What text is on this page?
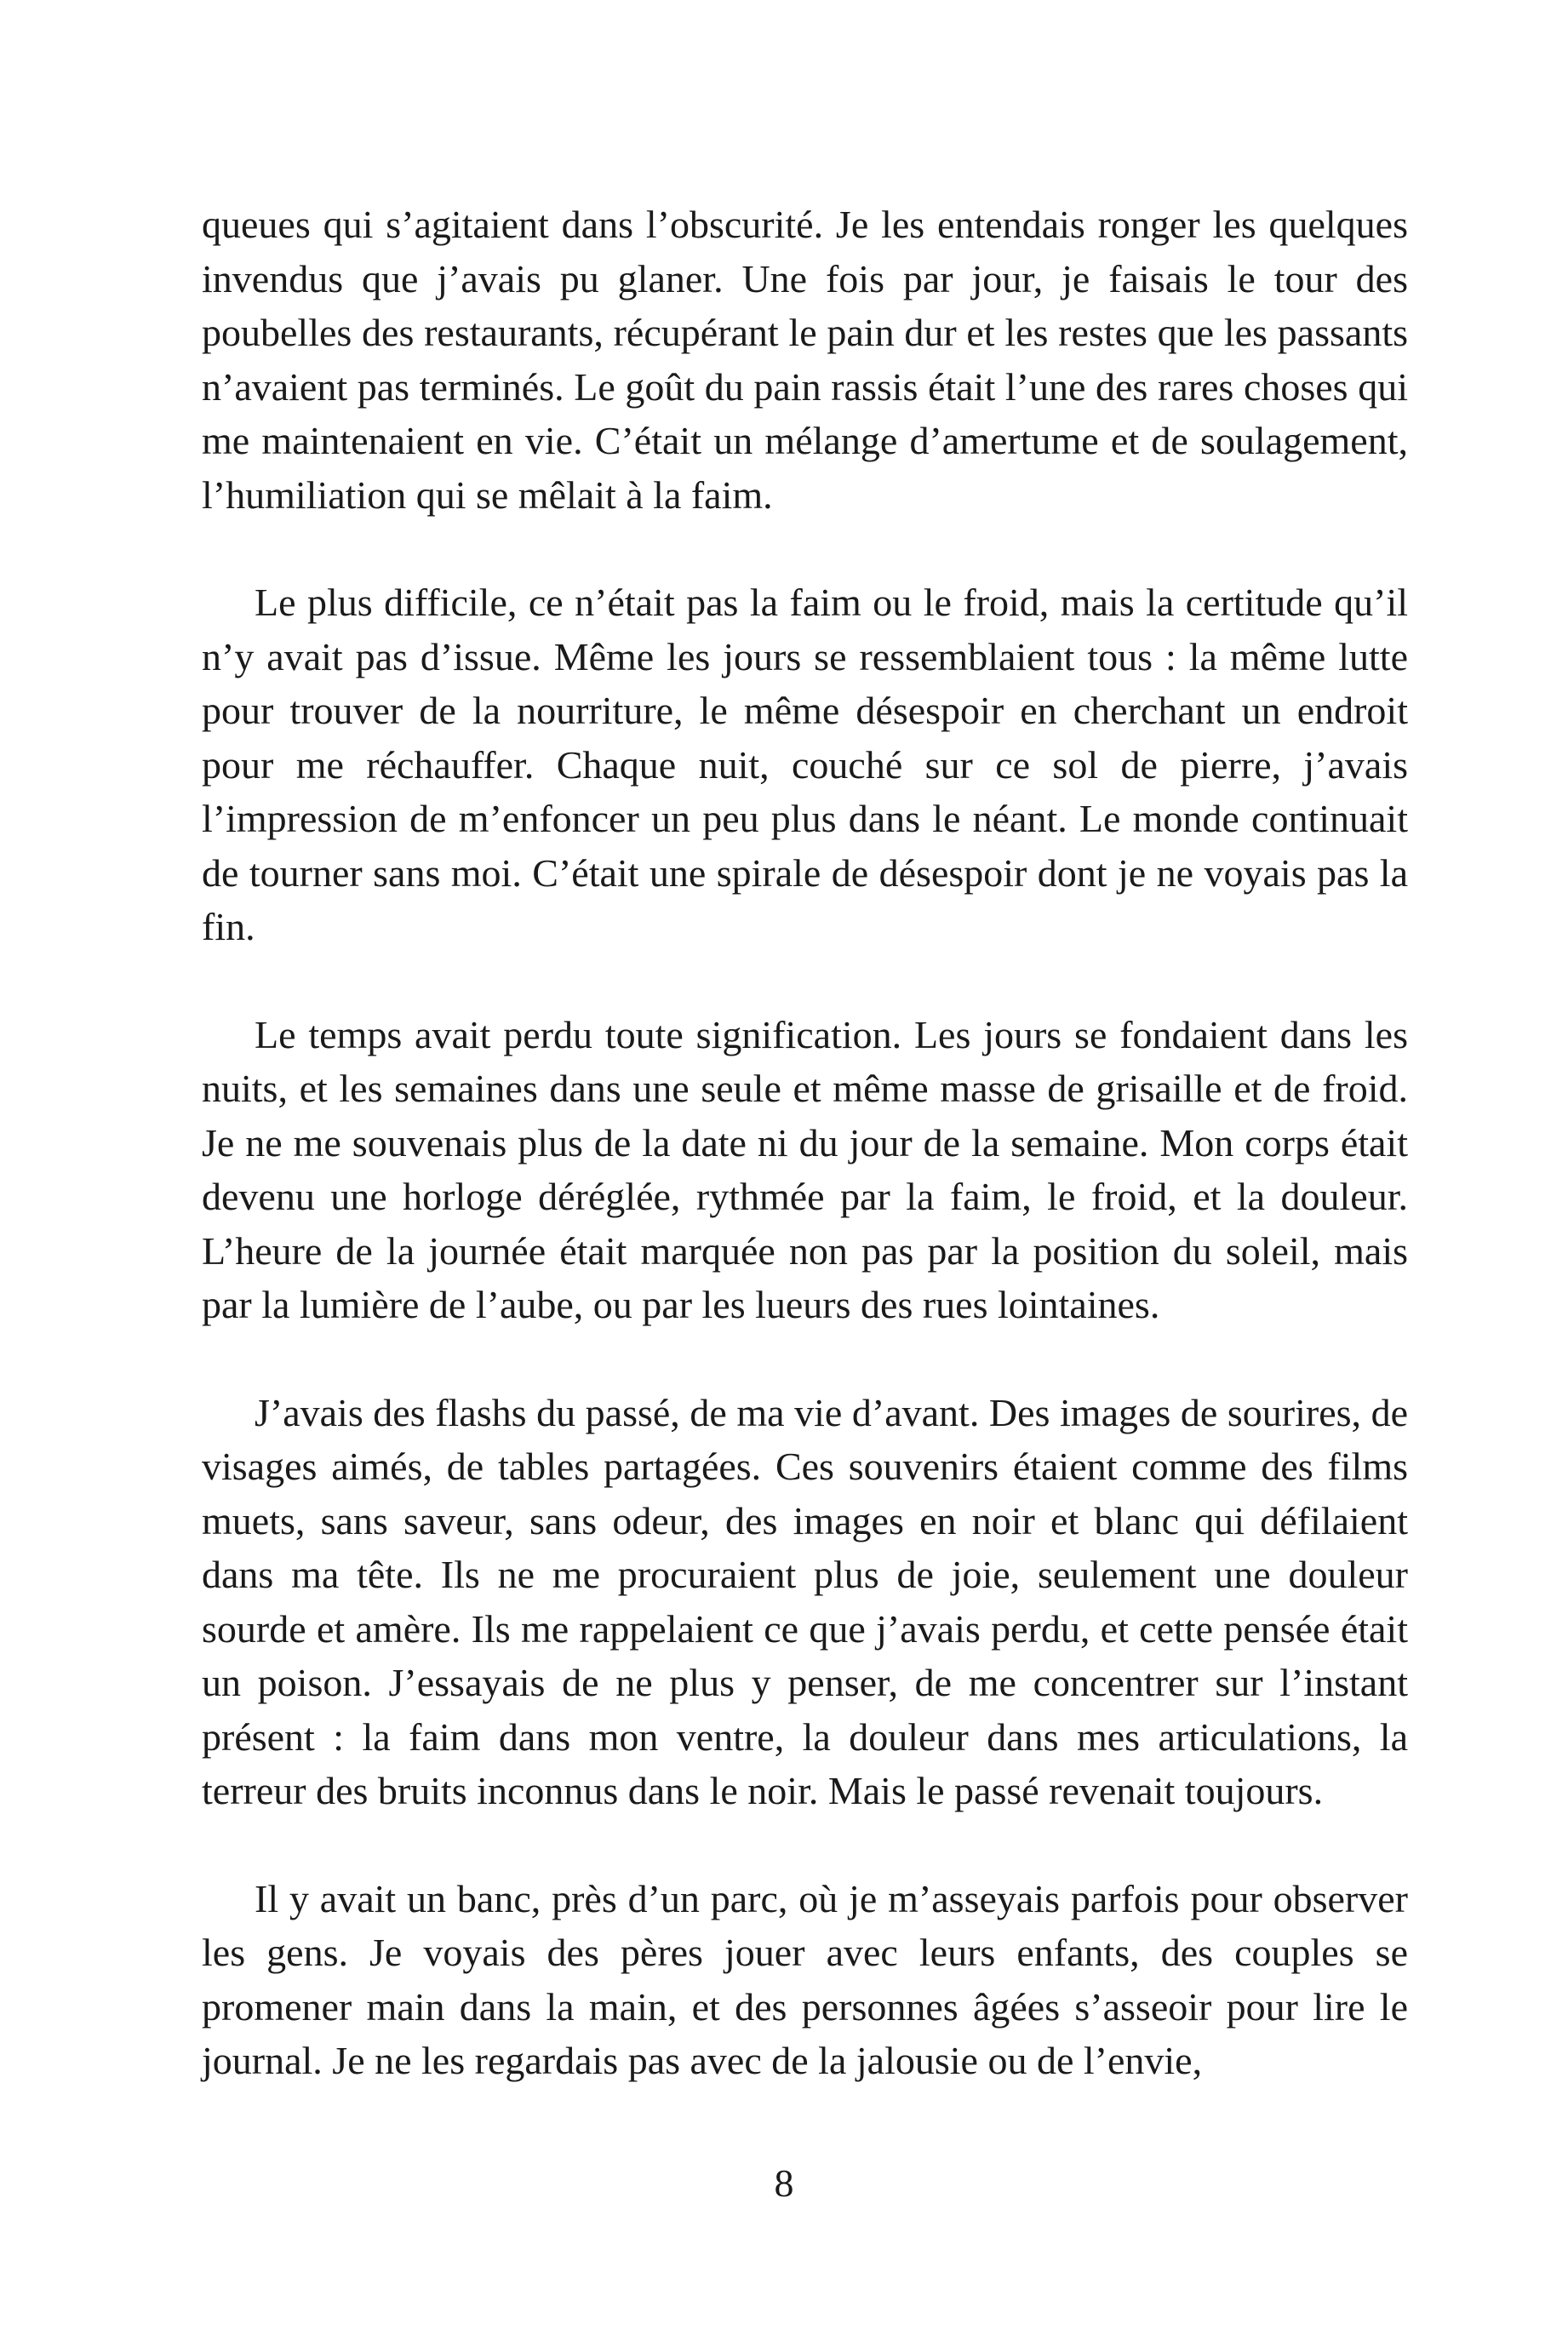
queues qui s’agitaient dans l’obscurité. Je les entendais ronger les quelques invendus que j’avais pu glaner. Une fois par jour, je faisais le tour des poubelles des restaurants, récupérant le pain dur et les restes que les passants n’avaient pas terminés. Le goût du pain rassis était l’une des rares choses qui me maintenaient en vie. C’était un mélange d’amertume et de soulagement, l’humiliation qui se mêlait à la faim.

Le plus difficile, ce n’était pas la faim ou le froid, mais la certitude qu’il n’y avait pas d’issue. Même les jours se ressemblaient tous : la même lutte pour trouver de la nourriture, le même désespoir en cherchant un endroit pour me réchauffer. Chaque nuit, couché sur ce sol de pierre, j’avais l’impression de m’enfoncer un peu plus dans le néant. Le monde continuait de tourner sans moi. C’était une spirale de désespoir dont je ne voyais pas la fin.

Le temps avait perdu toute signification. Les jours se fondaient dans les nuits, et les semaines dans une seule et même masse de grisaille et de froid. Je ne me souvenais plus de la date ni du jour de la semaine. Mon corps était devenu une horloge déréglée, rythmée par la faim, le froid, et la douleur. L’heure de la journée était marquée non pas par la position du soleil, mais par la lumière de l’aube, ou par les lueurs des rues lointaines.

J’avais des flashs du passé, de ma vie d’avant. Des images de sourires, de visages aimés, de tables partagées. Ces souvenirs étaient comme des films muets, sans saveur, sans odeur, des images en noir et blanc qui défilaient dans ma tête. Ils ne me procuraient plus de joie, seulement une douleur sourde et amère. Ils me rappelaient ce que j’avais perdu, et cette pensée était un poison. J’essayais de ne plus y penser, de me concentrer sur l’instant présent : la faim dans mon ventre, la douleur dans mes articulations, la terreur des bruits inconnus dans le noir. Mais le passé revenait toujours.

Il y avait un banc, près d’un parc, où je m’asseyais parfois pour observer les gens. Je voyais des pères jouer avec leurs enfants, des couples se promener main dans la main, et des personnes âgées s’asseoir pour lire le journal. Je ne les regardais pas avec de la jalousie ou de l’envie,

8
